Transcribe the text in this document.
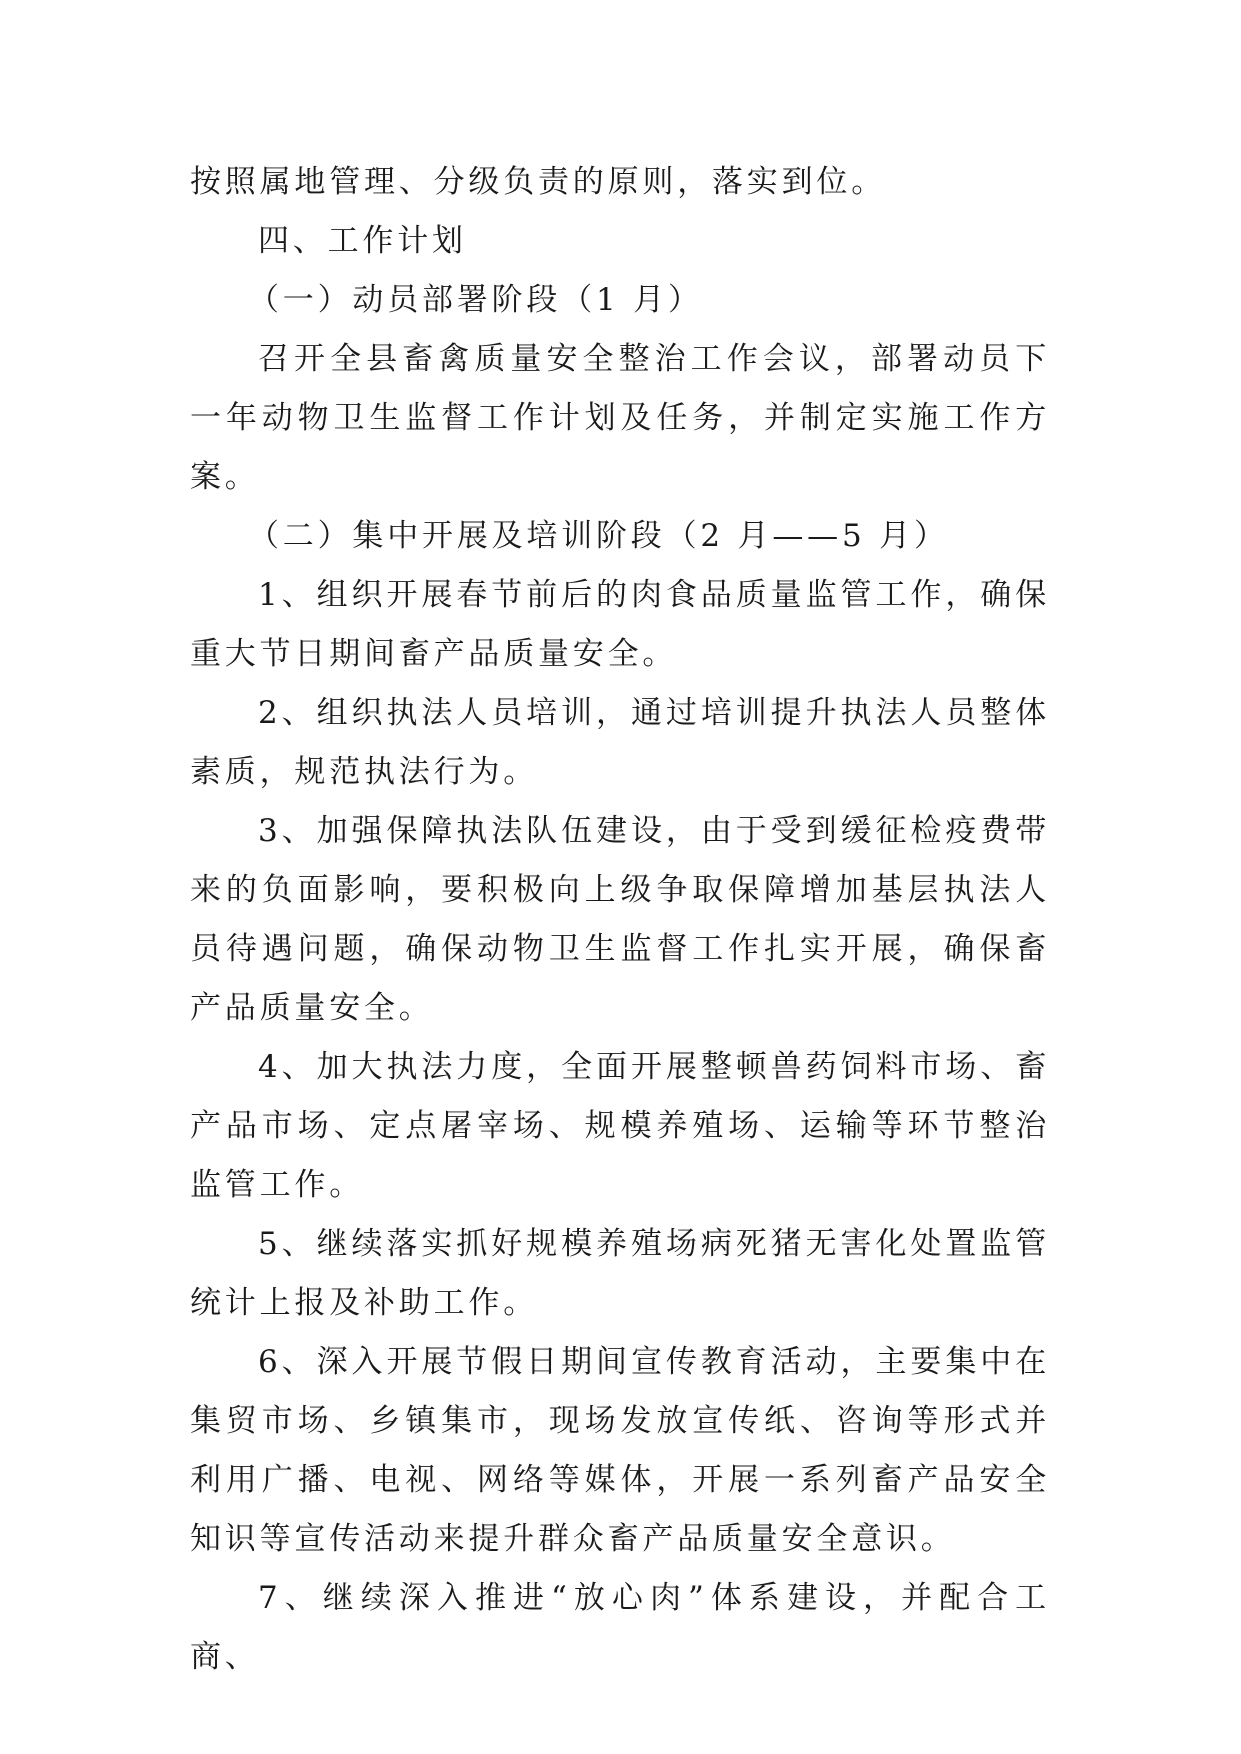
按照属地管理、分级负责的原则，落实到位。

四、工作计划

（一）动员部署阶段（1 月）

召开全县畜禽质量安全整治工作会议，部署动员下一年动物卫生监督工作计划及任务，并制定实施工作方案。

（二）集中开展及培训阶段（2 月——5 月）

1、组织开展春节前后的肉食品质量监管工作，确保重大节日期间畜产品质量安全。

2、组织执法人员培训，通过培训提升执法人员整体素质，规范执法行为。

3、加强保障执法队伍建设，由于受到缓征检疫费带来的负面影响，要积极向上级争取保障增加基层执法人员待遇问题，确保动物卫生监督工作扎实开展，确保畜产品质量安全。

4、加大执法力度，全面开展整顿兽药饲料市场、畜产品市场、定点屠宰场、规模养殖场、运输等环节整治监管工作。

5、继续落实抓好规模养殖场病死猪无害化处置监管统计上报及补助工作。

6、深入开展节假日期间宣传教育活动，主要集中在集贸市场、乡镇集市，现场发放宣传纸、咨询等形式并利用广播、电视、网络等媒体，开展一系列畜产品安全知识等宣传活动来提升群众畜产品质量安全意识。

7、继续深入推进“放心肉”体系建设，并配合工商、
